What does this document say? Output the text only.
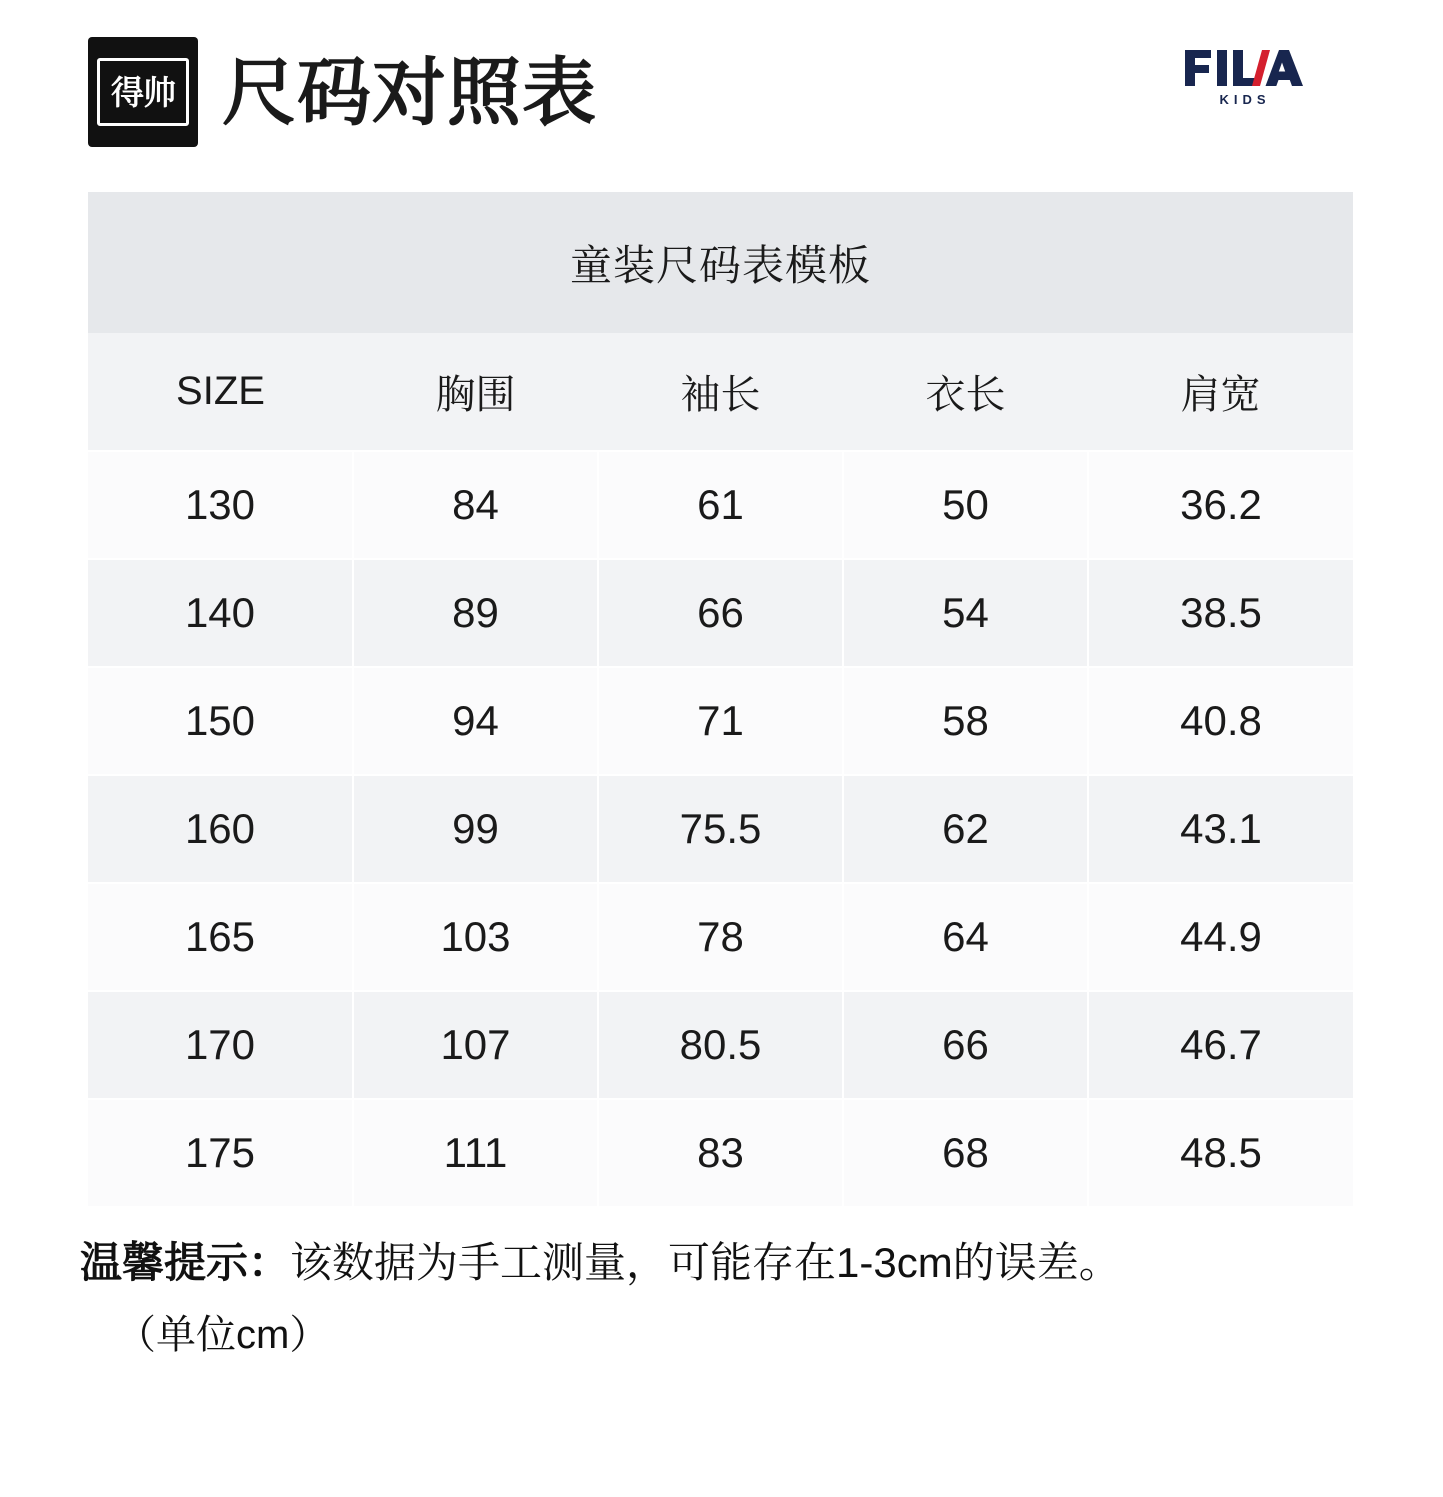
得帅 尺码对照表	KIDS
童装尺码表模板
SIZE	胸围	袖长	衣长	肩宽
130	84	61	50	36.2
140	89	66	54	38.5
150	94	71	58	40.8
160	99	75.5	62	43.1
165	103	78	64	44.9
170	107	80.5	66	46.7
175	111	83	68	48.5
温馨提示：该数据为手工测量，可能存在1-3cm的误差。
（单位cm）
